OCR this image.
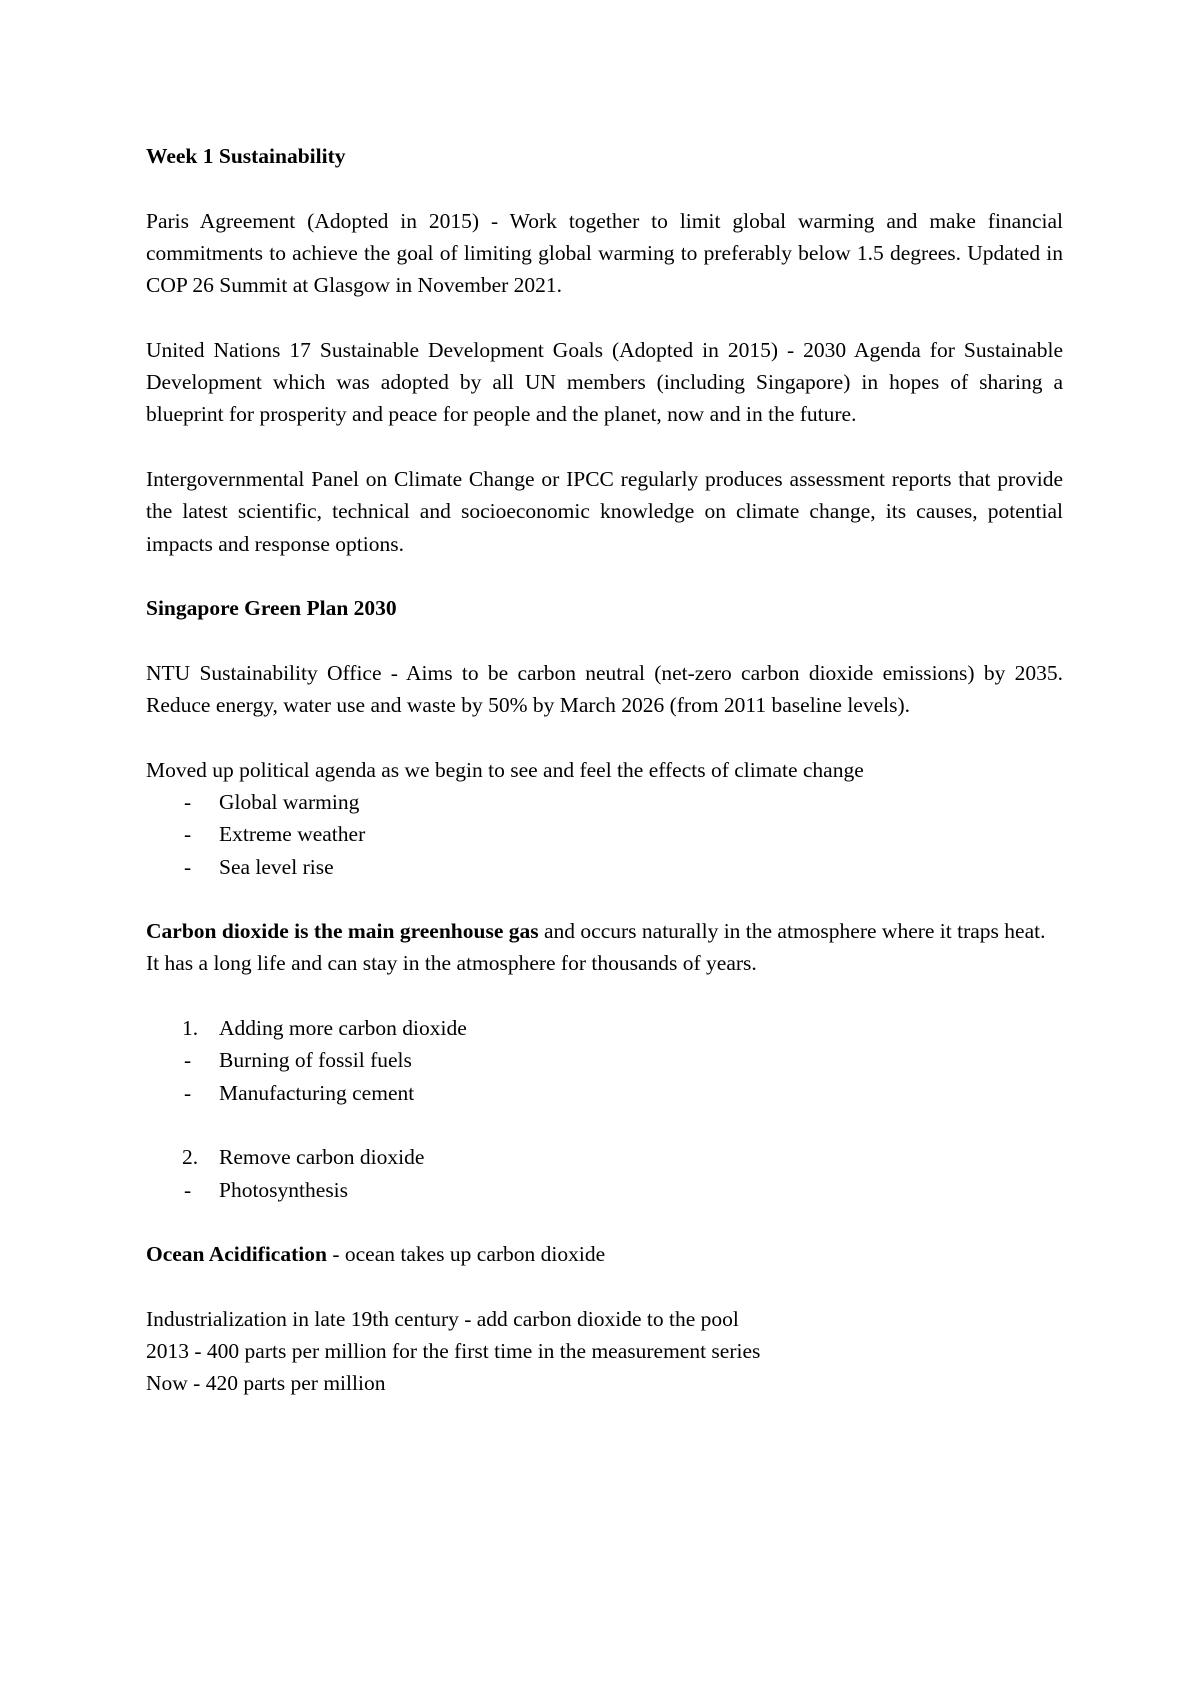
Week 1 Sustainability

Paris Agreement (Adopted in 2015) - Work together to limit global warming and make financial commitments to achieve the goal of limiting global warming to preferably below 1.5 degrees. Updated in COP 26 Summit at Glasgow in November 2021.

United Nations 17 Sustainable Development Goals (Adopted in 2015) - 2030 Agenda for Sustainable Development which was adopted by all UN members (including Singapore) in hopes of sharing a blueprint for prosperity and peace for people and the planet, now and in the future.

Intergovernmental Panel on Climate Change or IPCC regularly produces assessment reports that provide the latest scientific, technical and socioeconomic knowledge on climate change, its causes, potential impacts and response options.

Singapore Green Plan 2030

NTU Sustainability Office - Aims to be carbon neutral (net-zero carbon dioxide emissions) by 2035. Reduce energy, water use and waste by 50% by March 2026 (from 2011 baseline levels).

Moved up political agenda as we begin to see and feel the effects of climate change

- Global warming
- Extreme weather
- Sea level rise

Carbon dioxide is the main greenhouse gas and occurs naturally in the atmosphere where it traps heat. It has a long life and can stay in the atmosphere for thousands of years.

1. Adding more carbon dioxide
- Burning of fossil fuels
- Manufacturing cement
2. Remove carbon dioxide
- Photosynthesis

Ocean Acidification - ocean takes up carbon dioxide

Industrialization in late 19th century - add carbon dioxide to the pool

2013 - 400 parts per million for the first time in the measurement series

Now - 420 parts per million
